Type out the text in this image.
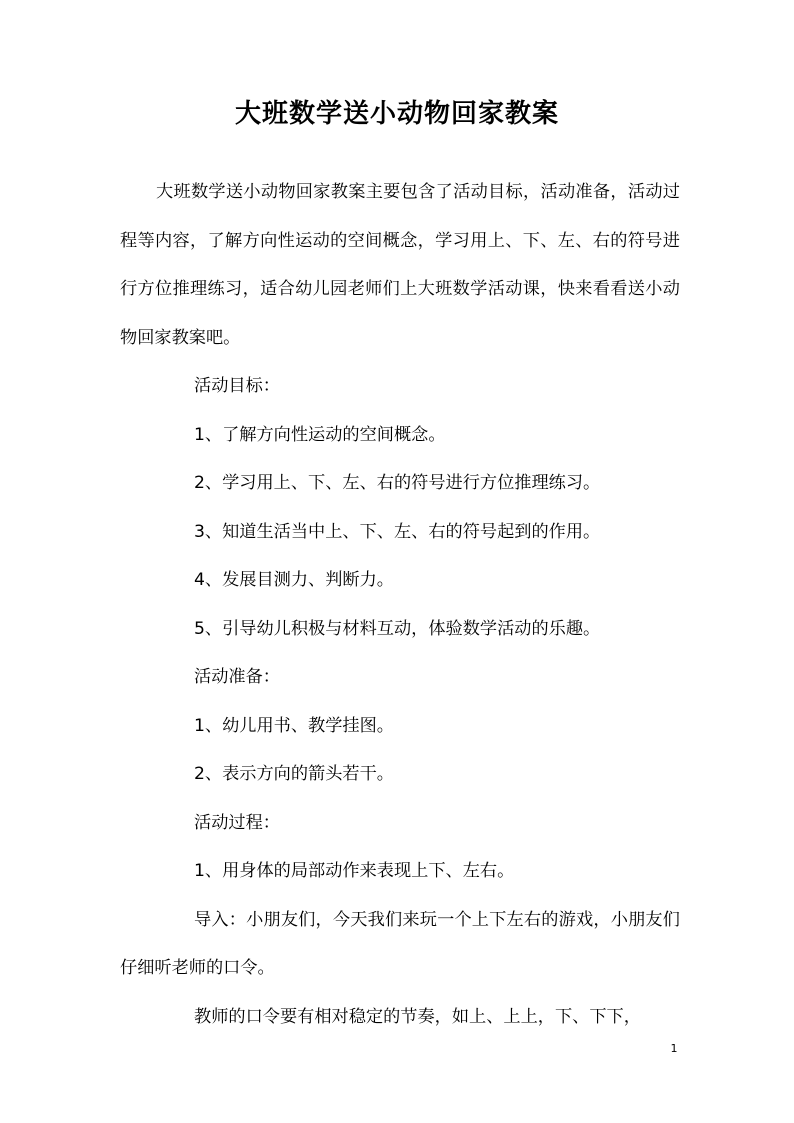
大班数学送小动物回家教案

大班数学送小动物回家教案主要包含了活动目标，活动准备，活动过程等内容，了解方向性运动的空间概念，学习用上、下、左、右的符号进行方位推理练习，适合幼儿园老师们上大班数学活动课，快来看看送小动物回家教案吧。

活动目标：

1、了解方向性运动的空间概念。

2、学习用上、下、左、右的符号进行方位推理练习。

3、知道生活当中上、下、左、右的符号起到的作用。

4、发展目测力、判断力。

5、引导幼儿积极与材料互动，体验数学活动的乐趣。

活动准备：

1、幼儿用书、教学挂图。

2、表示方向的箭头若干。

活动过程：

1、用身体的局部动作来表现上下、左右。

导入：小朋友们，今天我们来玩一个上下左右的游戏，小朋友们仔细听老师的口令。

教师的口令要有相对稳定的节奏，如上、上上，下、下下，

1
